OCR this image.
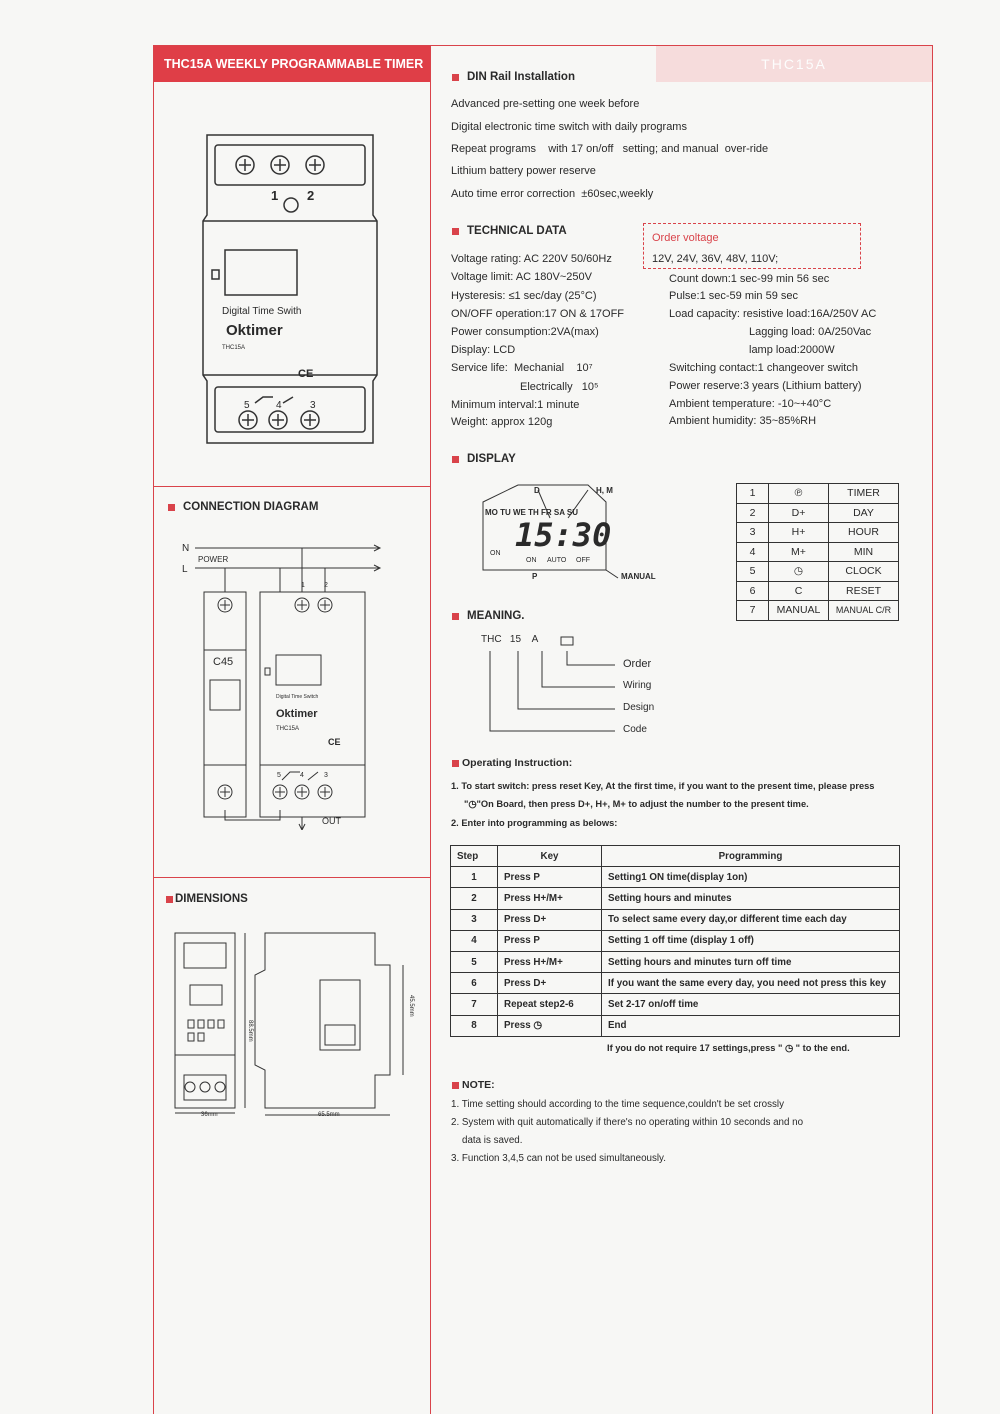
THC15A WEEKLY PROGRAMMABLE TIMER	THC15A
1 2
Digital Time Swith
Oktimer
THC15A
CE
5	4	3
CONNECTION DIAGRAM
N
L
POWER
C45
Digital Time Switch
Oktimer
THC15A
CE
OUT
1	2
5	4	3
DIMENSIONS
36mm
88.5mm
65.5mm
45.5mm
DIN Rail Installation
Advanced pre-setting one week before
Digital electronic time switch with daily programs
Repeat programs    with 17 on/off   setting; and manual  over-ride
Lithium battery power reserve
Auto time error correction  ±60sec,weekly
TECHNICAL DATA
Order voltage
12V, 24V, 36V, 48V, 110V;
Voltage rating: AC 220V 50/60Hz
Voltage limit: AC 180V~250V
Hysteresis: ≤1 sec/day (25°C)
ON/OFF operation:17 ON & 17OFF
Power consumption:2VA(max)
Display: LCD
Service life:  Mechanial    10⁷
Electrically   10⁵
Minimum interval:1 minute
Weight: approx 120g
Count down:1 sec-99 min 56 sec
Pulse:1 sec-59 min 59 sec
Load capacity: resistive load:16A/250V AC
Lagging load: 0A/250Vac
lamp load:2000W
Switching contact:1 changeover switch
Power reserve:3 years (Lithium battery)
Ambient temperature: -10~+40°C
Ambient humidity: 35~85%RH
DISPLAY
D	H, M
MO TU WE TH FR SA SU
15:30
ON
ON AUTO OFF
P	MANUAL
1	℗	TIMER
2	D+	DAY
3	H+	HOUR
4	M+	MIN
5	◷	CLOCK
6	C	RESET
7	MANUAL	MANUAL C/R
MEANING.
THC   15    A
Order
Wiring
Design
Code
Operating Instruction:
1. To start switch: press reset Key, At the first time, if you want to the present time, please press
"◷"On Board, then press D+, H+, M+ to adjust the number to the present time.
2. Enter into programming as belows:
Step	Key	Programming
1	Press P	Setting1 ON time(display 1on)
2	Press H+/M+	Setting hours and minutes
3	Press D+	To select same every day,or different time each day
4	Press P	Setting 1 off time (display 1 off)
5	Press H+/M+	Setting hours and minutes turn off time
6	Press D+	If you want the same every day, you need not press this key
7	Repeat step2-6	Set 2-17 on/off time
8	Press ◷	End
If you do not require 17 settings,press " ◷ " to the end.
NOTE:
1. Time setting should according to the time sequence,couldn't be set crossly
2. System with quit automatically if there's no operating within 10 seconds and no
data is saved.
3. Function 3,4,5 can not be used simultaneously.
